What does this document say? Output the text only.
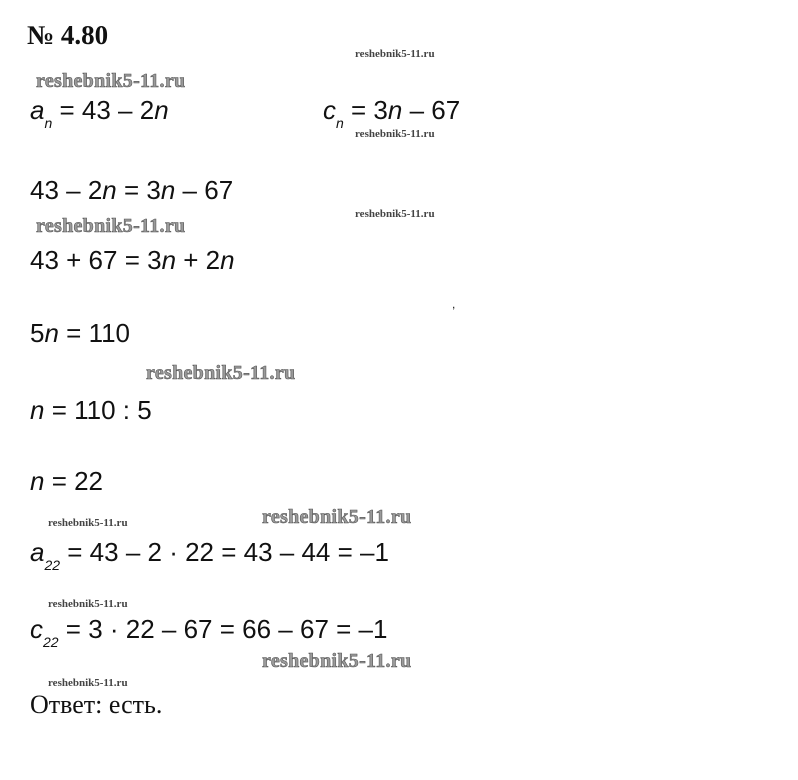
№ 4.80
reshebnik5-11.ru
reshebnik5-11.ru
reshebnik5-11.ru
reshebnik5-11.ru
reshebnik5-11.ru
reshebnik5-11.ru
reshebnik5-11.ru	reshebnik5-11.ru
reshebnik5-11.ru
reshebnik5-11.ru
reshebnik5-11.ru
$a_n = 43 - 2n$	$c_n = 3n - 67$
43 – 2n = 3n – 67
43 + 67 = 3n + 2n
,
5n = 110
n = 110 : 5
n = 22
$a_{22} = 43 - 2 \cdot 22 = 43 - 44 = -1$
$c_{22} = 3 \cdot 22 - 67 = 66 - 67 = -1$
Ответ: есть.
